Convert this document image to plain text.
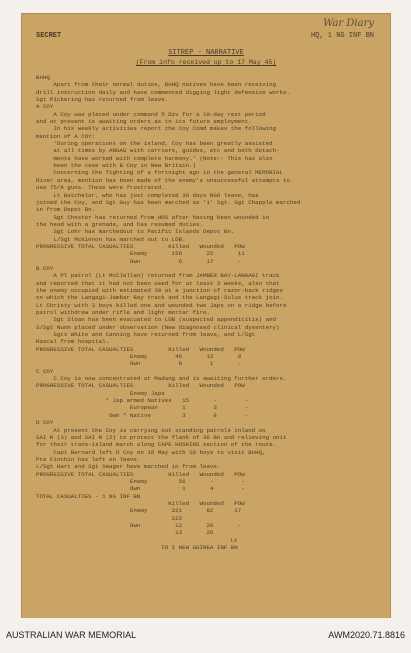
War Diary
SECRET	HQ, 1 NG INF BN
SITREP - NARRATIVE
(From info received up to 17 May 45)

BnHQ

Apart from their normal duties, BnHQ natives have been receiving

drill instruction daily and have commenced digging light defensive works.

Sgt Pickering has returned from leave.

A COY

A Coy was placed under command 5 Div for a 10-day rest period

and at present is awaiting orders as to its future employment.

In his weekly activities report the Coy Comd makes the following

mention of A COY:

'During operations on the island, Coy has been greatly assisted

at all times by ANGAU with carriers, guides, etc and both detach-

ments have worked with complete harmony.' (Note:- This has also

been the case with B Coy in New Britain.)

Concerning the fighting of a fortnight ago in the general MEMORIAL

River area, mention has been made of the enemy's unsuccessful attempts to

use 75/A guns. These were frustrated.

Lt Batchelor, who has just completed 30 days NGO leave, has

joined the Coy, and Sgt Guy has been marched as '1' Sgt. Sgt Chapple marched

in from Depot Bn.

Sgt Chester has returned from HOS after having been wounded in

the head with a grenade, and has resumed duties.

Sgt Lohr has marchedout to Pacific Islands Depot Bn.

L/Sgt McKinnon has marched out to LOB.

PROGRESSIVE TOTAL CASUALTIES          Killed   Wounded   POW

Enemy       156       22       11

Own           6       17       -

B COY

A Pl patrol (Lt McClellan) returned from JAMBER BAY-LANGAGI track

and reported that it had not been used for at least 3 weeks, also that

the enemy occupied with estimated 30 at a junction of razor-back ridges

on which the Langagi-Jambar Bay track and the Langagi-Sulus track join.

Lt Christy with 3 boys killed one and wounded two Japs on a ridge before

patrol withdrew under rifle and light mortar fire.

Sgt Sloan has been evacuated to LOB (suspected appendicitis) and

S/Sgt Nunn placed under observation (New diagnosed clinical dysentery)

Sgts White and Canning have returned from leave, and L/Sgt

Rascal from hospital.

PROGRESSIVE TOTAL CASUALTIES          Killed   Wounded   POW

Enemy        46       12       8

Own           8        1       -

C COY

C Coy is now concentrated at Madang and is awaiting further orders.

PROGRESSIVE TOTAL CASUALTIES          Killed   Wounded   POW

Enemy Japs

* Jap armed Natives   15       -        -

European       1        3        -

Own * Native         3        8        -

D COY

At present the Coy is carrying out standing patrols inland on

SAI R (3) and SAI R (2) to protect the flank of 36 Bn and relieving unit

for their trans-island march along CAPE HOSKINS section of the route.

Capt Bernard left D Coy on 15 May with 10 boys to visit BnHQ,

Pte Finchin has left on leave.

L/Sgt Hart and Sgt Seager have marched in from leave.

PROGRESSIVE TOTAL CASUALTIES          Killed   Wounded   POW

Enemy         56       -        -

Own            1       4        -

TOTAL CASUALTIES - 1 NG INF BN

Killed   Wounded   POW

Enemy       221       82      17

222

Own          12       26       -

13       26

Lt

IO 1 NEW GUINEA INF BN

AUSTRALIAN WAR MEMORIAL	AWM2020.71.8816
